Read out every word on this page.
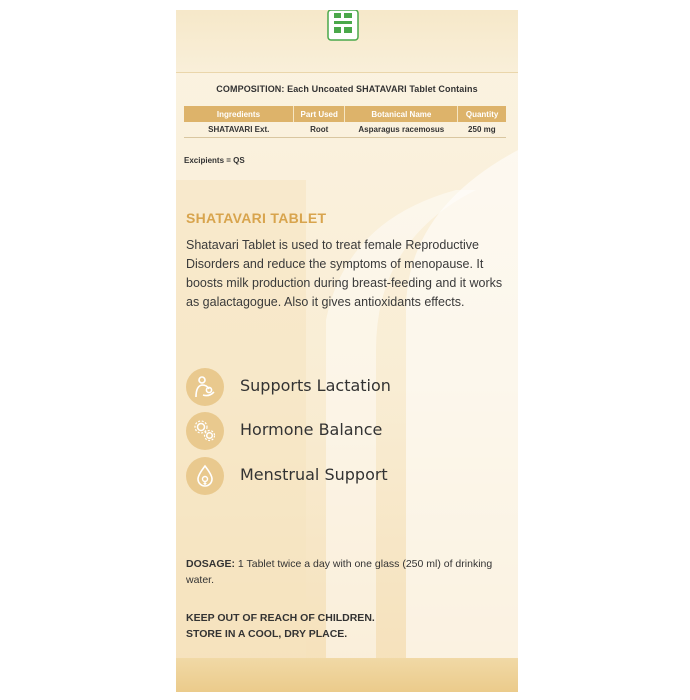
COMPOSITION: Each Uncoated SHATAVARI Tablet Contains
Ingredients	Part Used	Botanical Name	Quantity
SHATAVARI Ext.	Root	Asparagus racemosus	250 mg
Excipients = QS
SHATAVARI TABLET
Shatavari Tablet is used to treat female Reproductive Disorders and reduce the symptoms of menopause. It boosts milk production during breast-feeding and it works as galactagogue. Also it gives antioxidants effects.
Supports Lactation
Hormone Balance
Menstrual Support
DOSAGE: 1 Tablet twice a day with one glass (250 ml) of drinking water.
KEEP OUT OF REACH OF CHILDREN.
STORE IN A COOL, DRY PLACE.
